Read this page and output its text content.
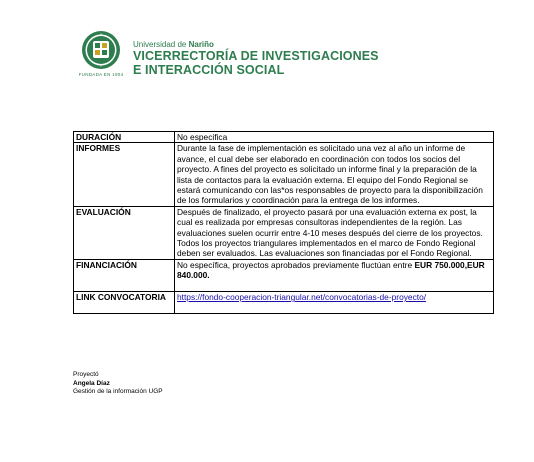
FUNDADA EN 1904
Universidad de Nariño
VICERRECTORÍA DE INVESTIGACIONES
E INTERACCIÓN SOCIAL
DURACIÓN	No especifica
INFORMES	Durante la fase de implementación es solicitado una vez al año un informe de avance, el cual debe ser elaborado en coordinación con todos los socios del proyecto. A fines del proyecto es solicitado un informe final y la preparación de la lista de contactos para la evaluación externa. El equipo del Fondo Regional se estará comunicando con las*os responsables de proyecto para la disponibilización de los formularios y coordinación para la entrega de los informes.
EVALUACIÓN	Después de finalizado, el proyecto pasará por una evaluación externa ex post, la cual es realizada por empresas consultoras independientes de la región. Las evaluaciones suelen ocurrir entre 4-10 meses después del cierre de los proyectos. Todos los proyectos triangulares implementados en el marco de Fondo Regional deben ser evaluados. Las evaluaciones son financiadas por el Fondo Regional.
FINANCIACIÓN	No específica, proyectos aprobados previamente fluctúan entre EUR 750.000,EUR 840.000.

LINK CONVOCATORIA	https://fondo-cooperacion-triangular.net/convocatorias-de-proyecto/

Proyectó
Angela Díaz
Gestión de la información UGP
